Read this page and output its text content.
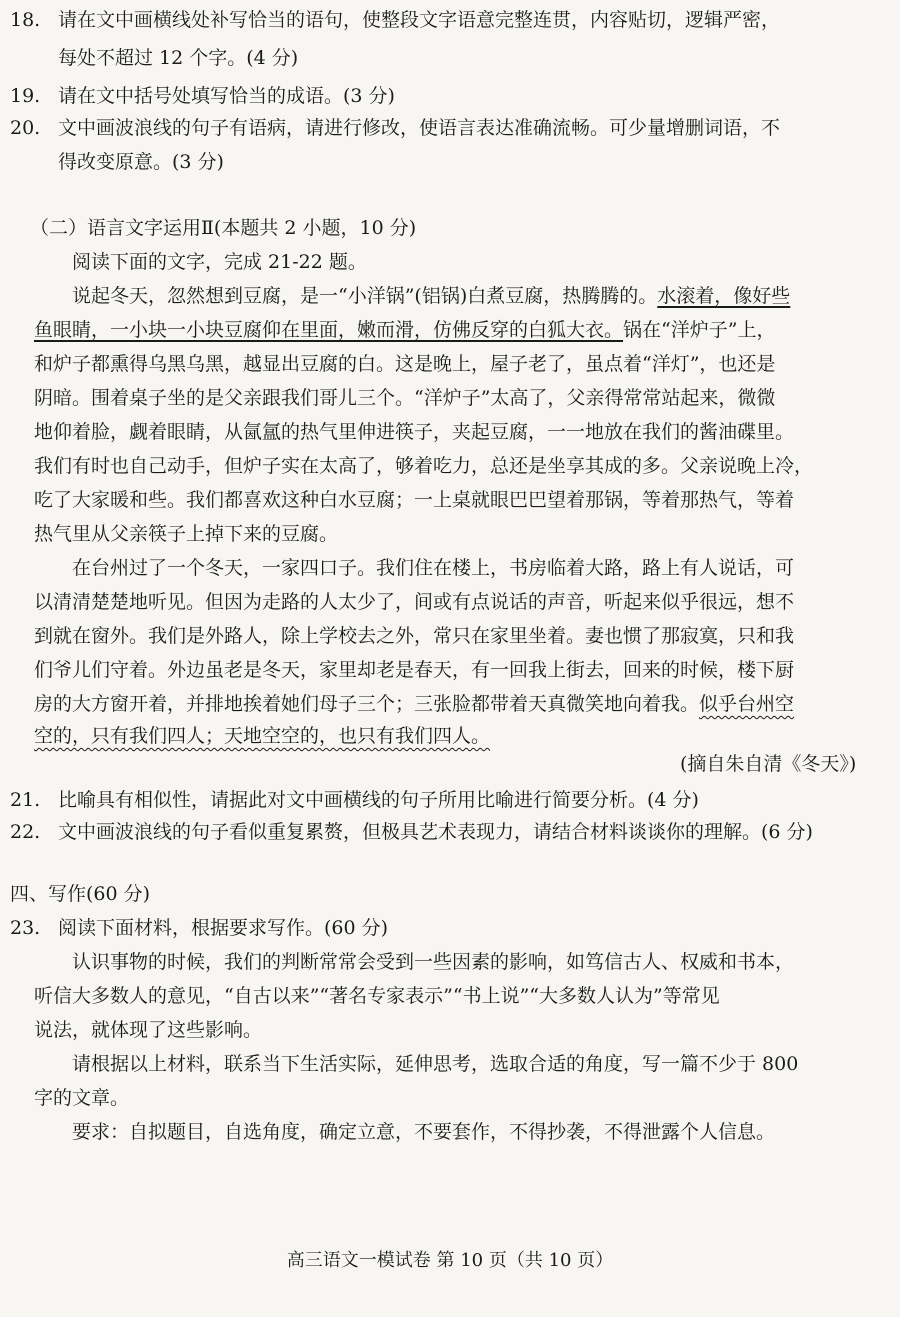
18. 请在文中画横线处补写恰当的语句，使整段文字语意完整连贯，内容贴切，逻辑严密，
每处不超过 12 个字。(4 分)
19. 请在文中括号处填写恰当的成语。(3 分)
20. 文中画波浪线的句子有语病，请进行修改，使语言表达准确流畅。可少量增删词语，不
得改变原意。(3 分)
（二）语言文字运用Ⅱ(本题共 2 小题，10 分)
阅读下面的文字，完成 21-22 题。
说起冬天，忽然想到豆腐，是一“小洋锅”(铝锅)白煮豆腐，热腾腾的。水滚着，像好些
鱼眼睛，一小块一小块豆腐仰在里面，嫩而滑，仿佛反穿的白狐大衣。锅在“洋炉子”上，
和炉子都熏得乌黑乌黑，越显出豆腐的白。这是晚上，屋子老了，虽点着“洋灯”，也还是
阴暗。围着桌子坐的是父亲跟我们哥儿三个。“洋炉子”太高了，父亲得常常站起来，微微
地仰着脸，觑着眼睛，从氤氲的热气里伸进筷子，夹起豆腐，一一地放在我们的酱油碟里。
我们有时也自己动手，但炉子实在太高了，够着吃力，总还是坐享其成的多。父亲说晚上冷，
吃了大家暖和些。我们都喜欢这种白水豆腐；一上桌就眼巴巴望着那锅，等着那热气，等着
热气里从父亲筷子上掉下来的豆腐。
在台州过了一个冬天，一家四口子。我们住在楼上，书房临着大路，路上有人说话，可
以清清楚楚地听见。但因为走路的人太少了，间或有点说话的声音，听起来似乎很远，想不
到就在窗外。我们是外路人，除上学校去之外，常只在家里坐着。妻也惯了那寂寞，只和我
们爷儿们守着。外边虽老是冬天，家里却老是春天，有一回我上街去，回来的时候，楼下厨
房的大方窗开着，并排地挨着她们母子三个；三张脸都带着天真微笑地向着我。似乎台州空
空的，只有我们四人；天地空空的，也只有我们四人。
(摘自朱自清《冬天》)
21. 比喻具有相似性，请据此对文中画横线的句子所用比喻进行简要分析。(4 分)
22. 文中画波浪线的句子看似重复累赘，但极具艺术表现力，请结合材料谈谈你的理解。(6 分)
四、写作(60 分)
23. 阅读下面材料，根据要求写作。(60 分)
认识事物的时候，我们的判断常常会受到一些因素的影响，如笃信古人、权威和书本，
听信大多数人的意见，“自古以来”“著名专家表示”“书上说”“大多数人认为”等常见
说法，就体现了这些影响。
请根据以上材料，联系当下生活实际，延伸思考，选取合适的角度，写一篇不少于 800
字的文章。
要求：自拟题目，自选角度，确定立意，不要套作，不得抄袭，不得泄露个人信息。
高三语文一模试卷 第 10 页（共 10 页）
